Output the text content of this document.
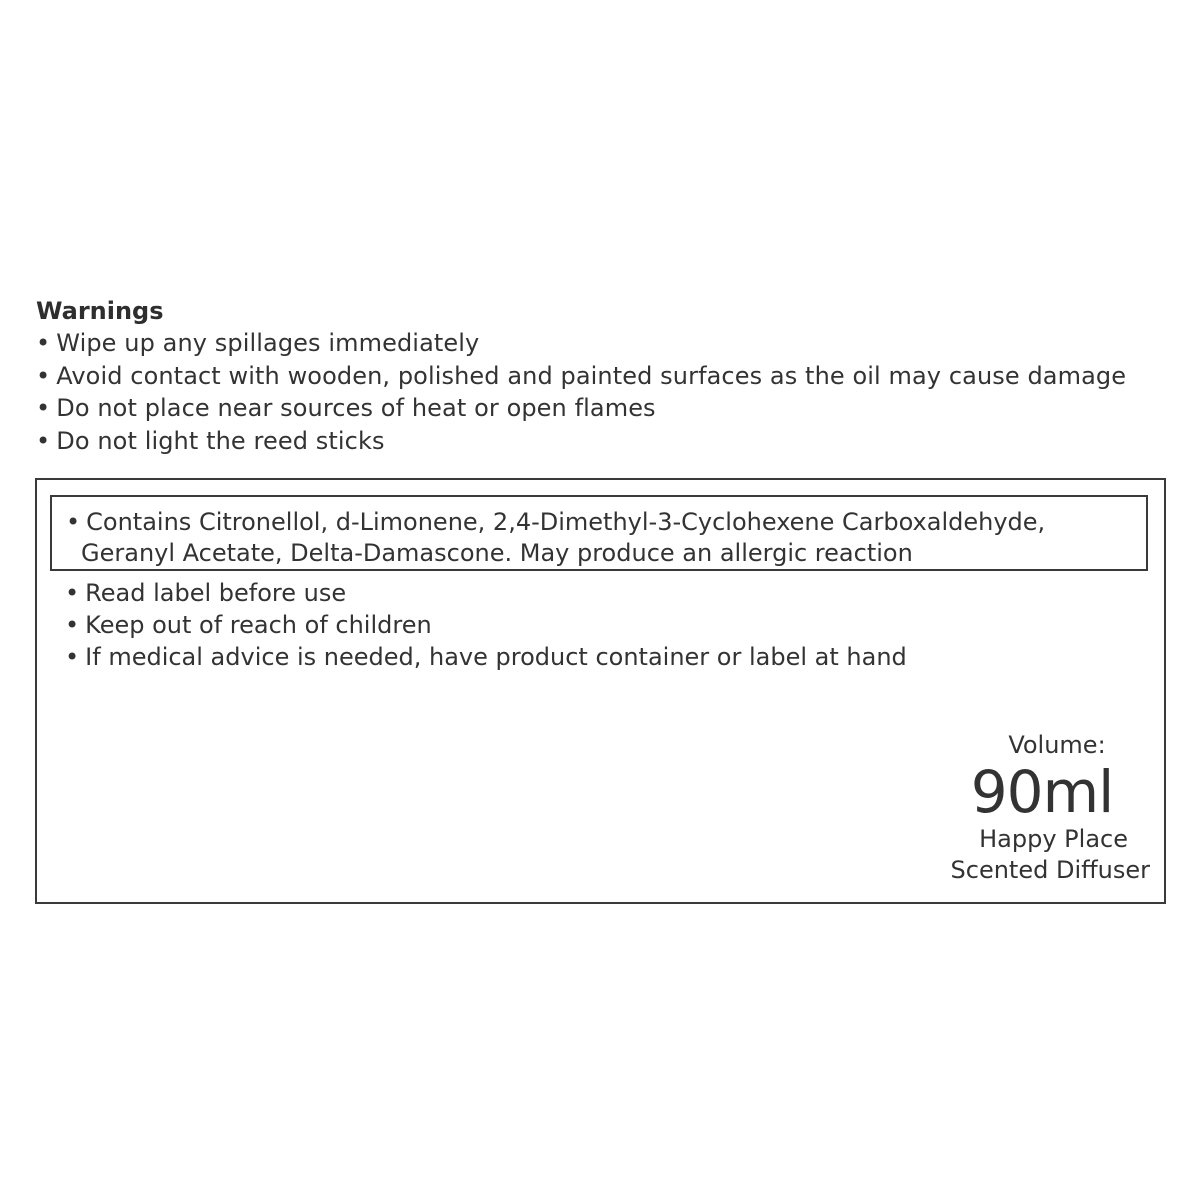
Warnings
• Wipe up any spillages immediately
• Avoid contact with wooden, polished and painted surfaces as the oil may cause damage
• Do not place near sources of heat or open flames
• Do not light the reed sticks
• Contains Citronellol, d-Limonene, 2,4-Dimethyl-3-Cyclohexene Carboxaldehyde,
Geranyl Acetate, Delta-Damascone. May produce an allergic reaction
• Read label before use
• Keep out of reach of children
• If medical advice is needed, have product container or label at hand
Volume:
90ml
Happy Place
Scented Diffuser
